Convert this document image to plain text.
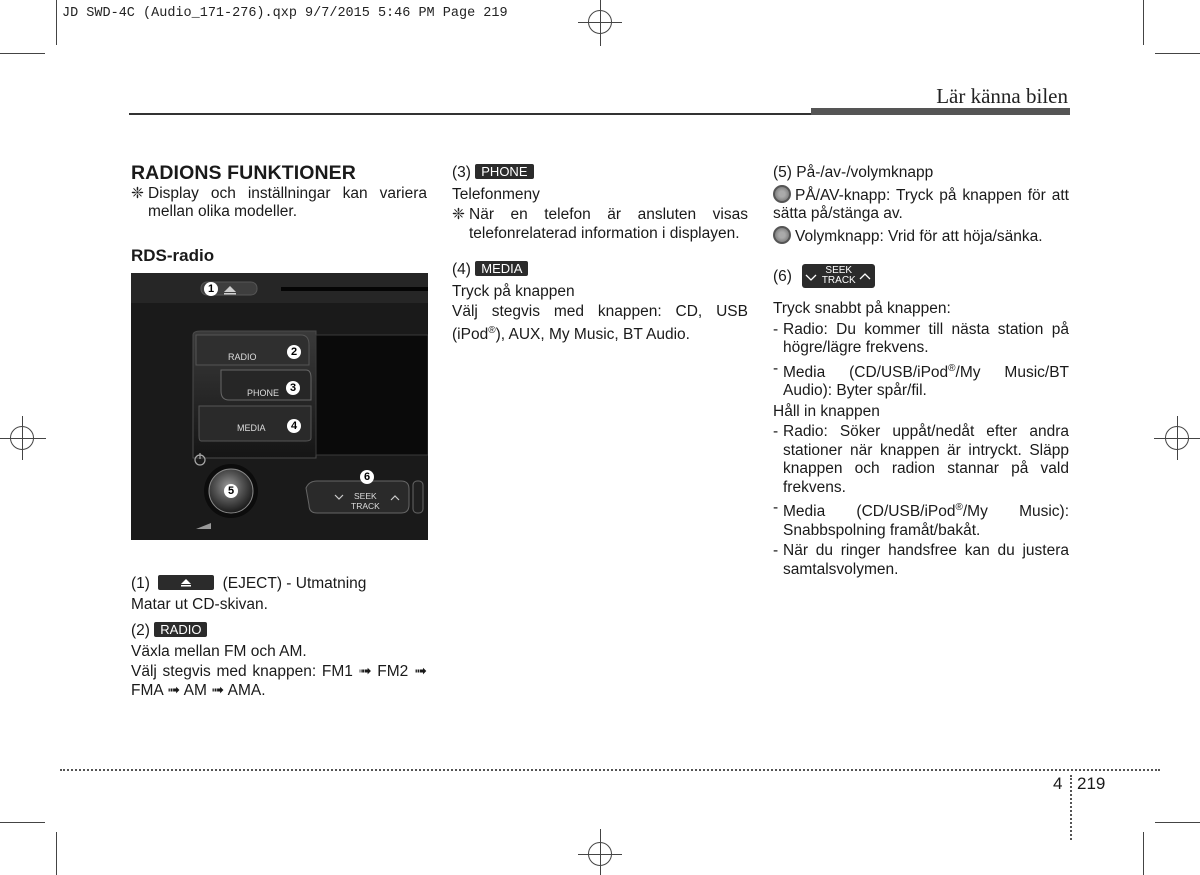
JD SWD-4C (Audio_171-276).qxp 9/7/2015 5:46 PM Page 219
Lär känna bilen
RADIONS FUNKTIONER
❈ Display och inställningar kan variera mellan olika modeller.
RDS-radio
RADIO
PHONE
MEDIA
SEEK
TRACK
1
2
3
4
5
6
(1)	(EJECT) - Utmatning

Matar ut CD-skivan.

(2) RADIO

Växla mellan FM och AM.

Välj stegvis med knappen: FM1 ➟ FM2 ➟ FMA ➟ AM ➟ AMA.

(3) PHONE

Telefonmeny

❈ När en telefon är ansluten visas telefonrelaterad information i displayen.
(4) MEDIA

Tryck på knappen

Välj stegvis med knappen: CD, USB (iPod®), AUX, My Music, BT Audio.

(5) På-/av-/volymknapp

PÅ/AV-knapp: Tryck på knappen för att sätta på/stänga av.

Volymknapp: Vrid för att höja/sänka.

(6)	SEEK
TRACK

Tryck snabbt på knappen:

- Radio: Du kommer till nästa station på högre/lägre frekvens.
- Media (CD/USB/iPod®/My Music/BT Audio): Byter spår/fil.

Håll in knappen

- Radio: Söker uppåt/nedåt efter andra stationer när knappen är intryckt. Släpp knappen och radion stannar på vald frekvens.
- Media (CD/USB/iPod®/My Music): Snabbspolning framåt/bakåt.
- När du ringer handsfree kan du justera samtalsvolymen.
4 219
